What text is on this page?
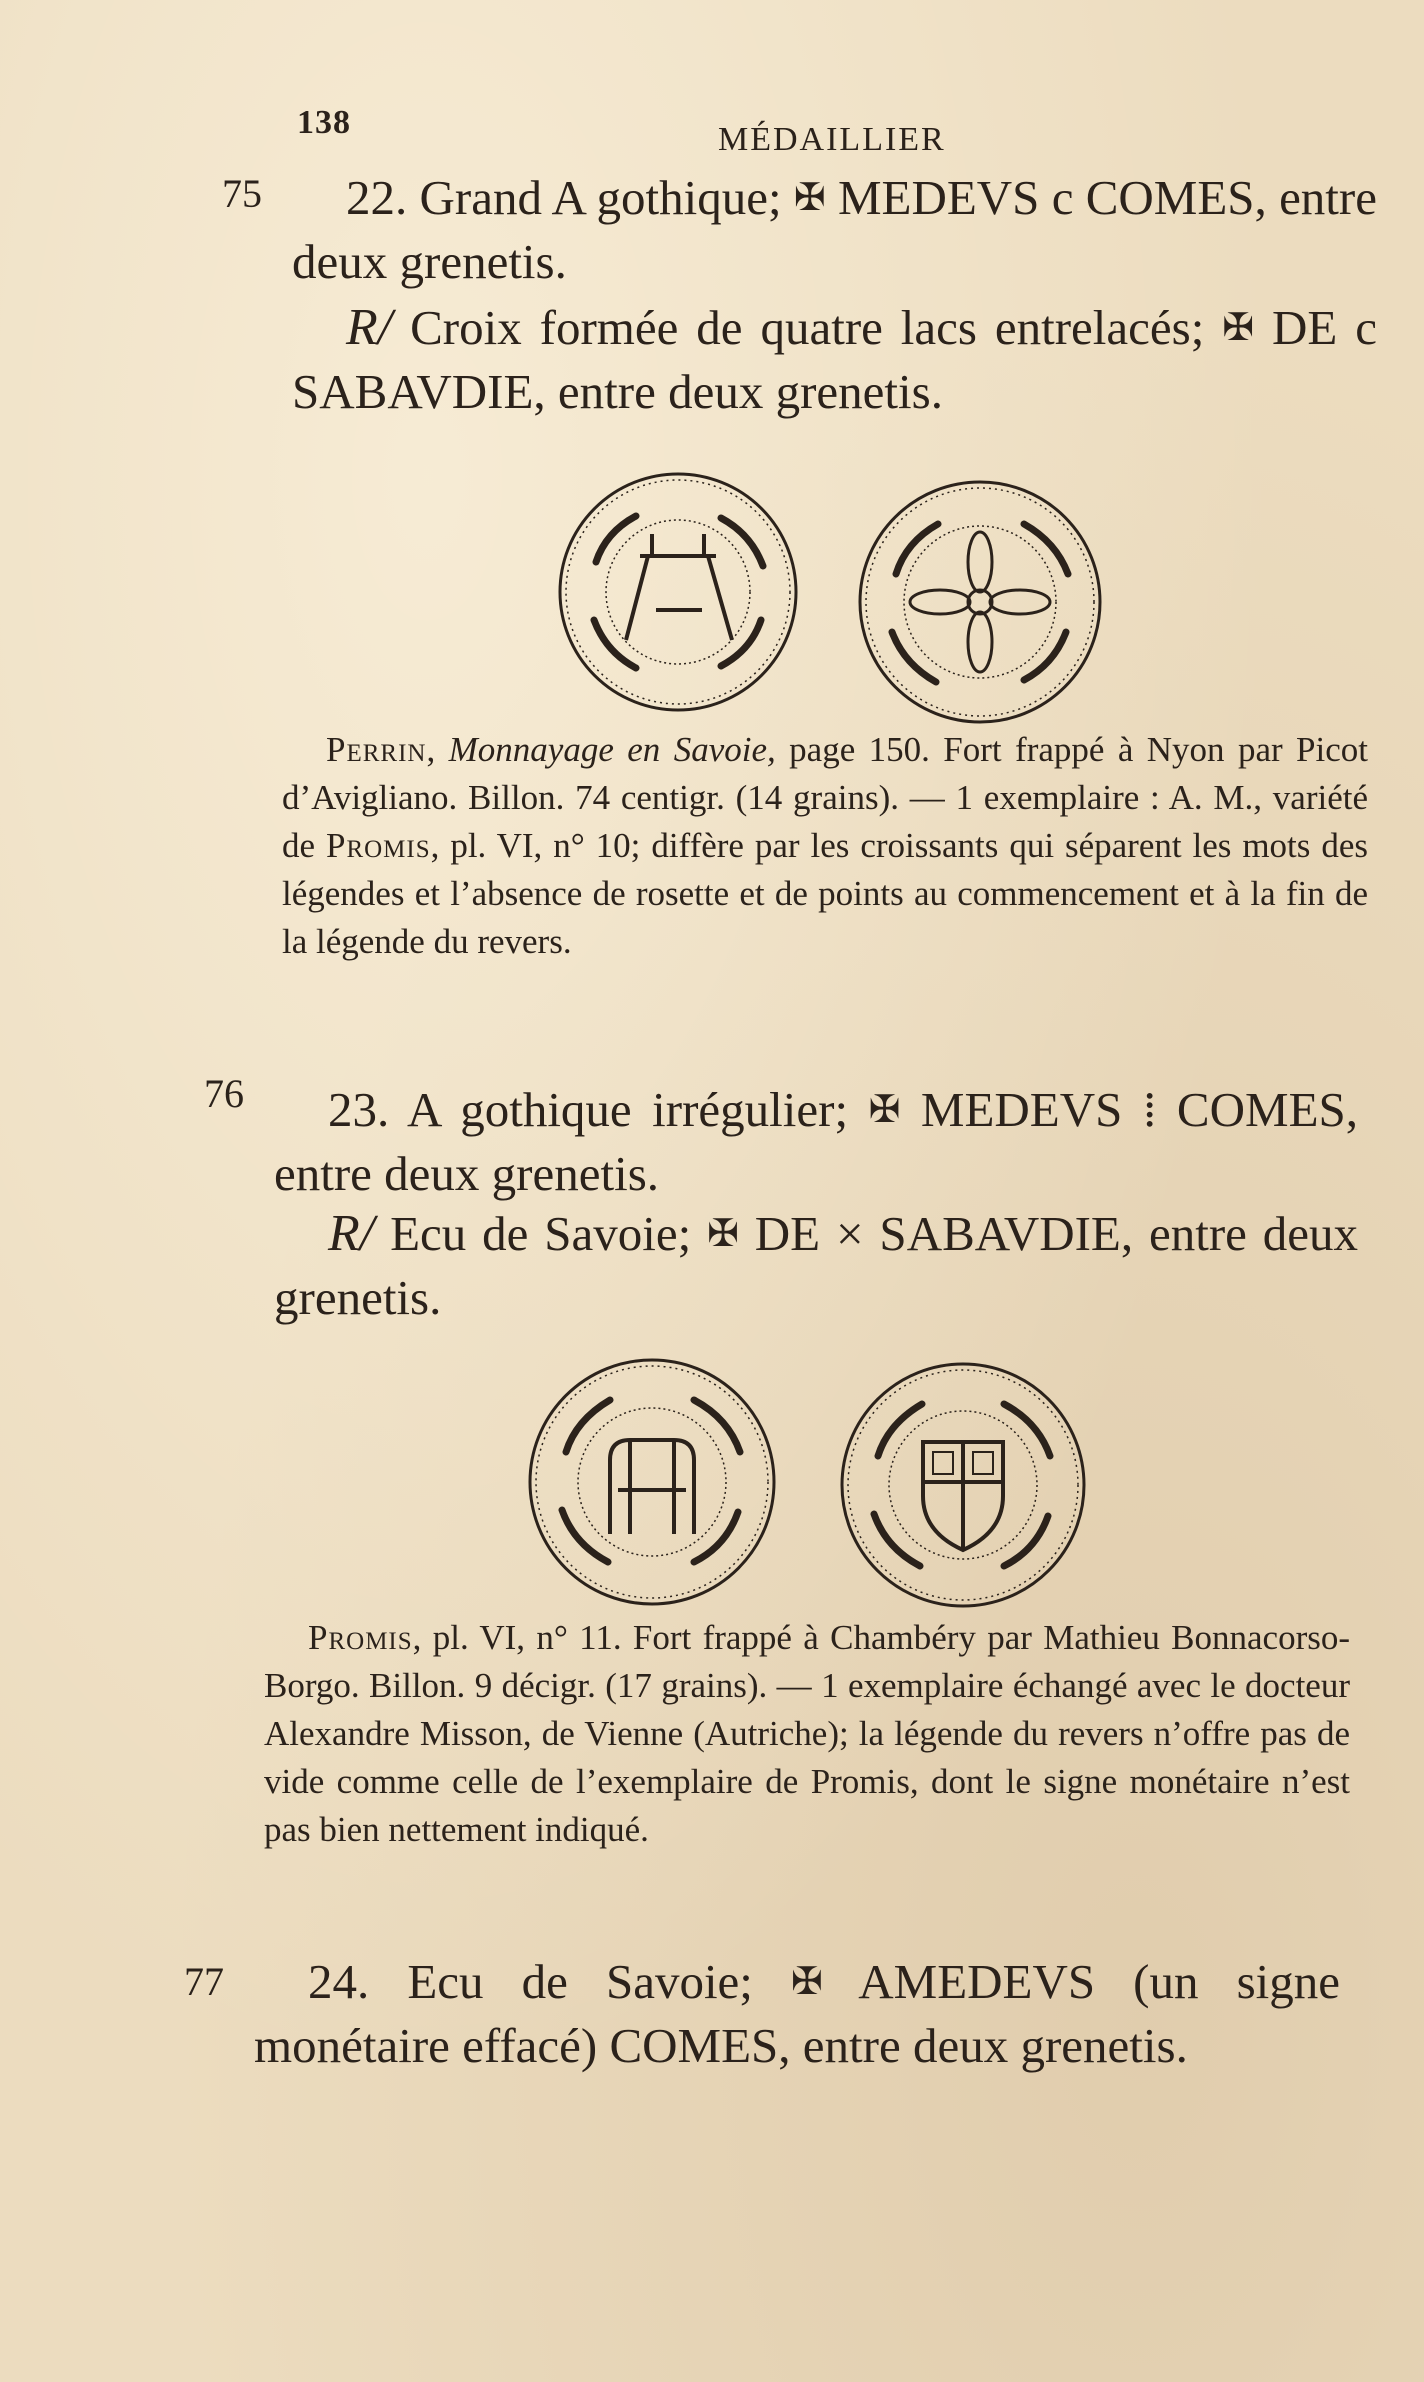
138	MÉDAILLIER
75	22. Grand A gothique; ✠ MEDEVS c COMES, entre deux grenetis.
R/ Croix formée de quatre lacs entrelacés; ✠ DE c SABAVDIE, entre deux grenetis.
Perrin, Monnayage en Savoie, page 150. Fort frappé à Nyon par Picot d’Avigliano. Billon. 74 centigr. (14 grains). — 1 exemplaire : A. M., variété de Promis, pl. VI, n° 10; diffère par les croissants qui séparent les mots des légendes et l’absence de rosette et de points au commencement et à la fin de la légende du revers.
76	23. A gothique irrégulier; ✠ MEDEVS ⁞ COMES, entre deux grenetis.
R/ Ecu de Savoie; ✠ DE × SABAVDIE, entre deux grenetis.
Promis, pl. VI, n° 11. Fort frappé à Chambéry par Mathieu Bonnacorso-Borgo. Billon. 9 décigr. (17 grains). — 1 exemplaire échangé avec le docteur Alexandre Misson, de Vienne (Autriche); la légende du revers n’offre pas de vide comme celle de l’exemplaire de Promis, dont le signe monétaire n’est pas bien nettement indiqué.
77	24. Ecu de Savoie; ✠ AMEDEVS (un signe monétaire effacé) COMES, entre deux grenetis.
